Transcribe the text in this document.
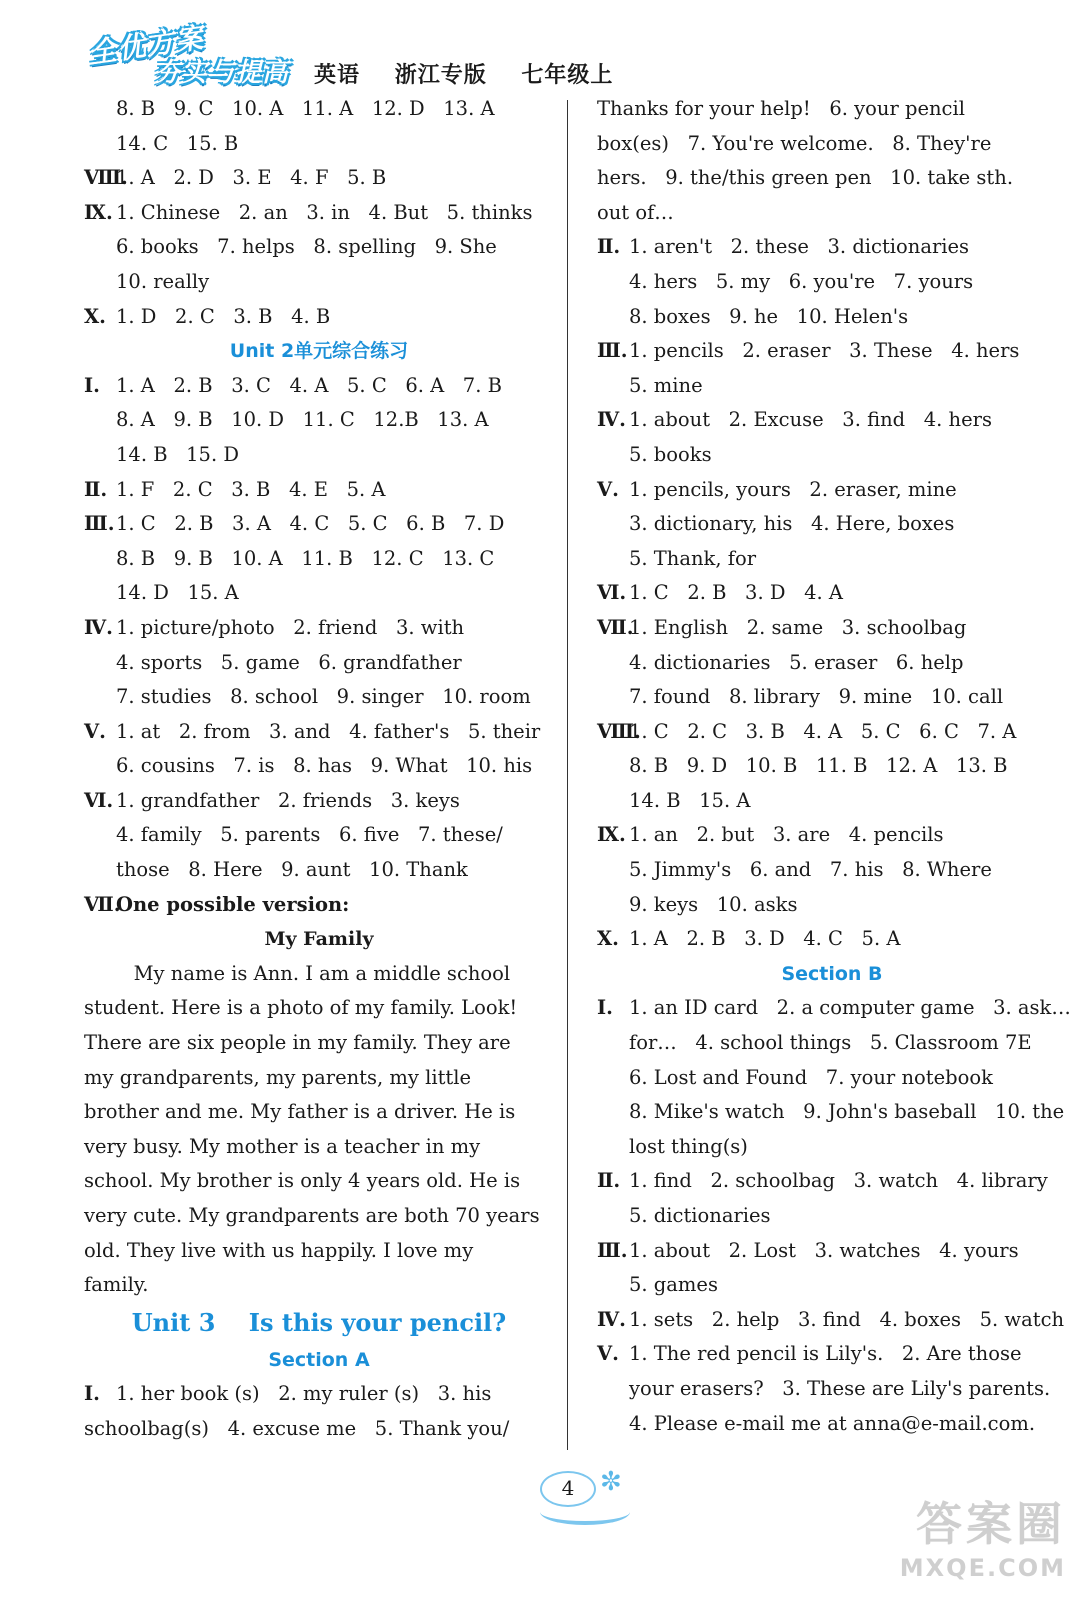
全优方案
夯实与提高 英语 浙江专版 七年级上
8. B   9. C   10. A   11. A   12. D   13. A
14. C   15. B
Ⅷ.1. A   2. D   3. E   4. F   5. B
Ⅸ. 1. Chinese   2. an   3. in   4. But   5. thinks
6. books   7. helps   8. spelling   9. She
10. really
Ⅹ. 1. D   2. C   3. B   4. B
Unit 2单元综合练习
Ⅰ. 1. A   2. B   3. C   4. A   5. C   6. A   7. B
8. A   9. B   10. D   11. C   12.B   13. A
14. B   15. D
Ⅱ. 1. F   2. C   3. B   4. E   5. A
Ⅲ.1. C   2. B   3. A   4. C   5. C   6. B   7. D
8. B   9. B   10. A   11. B   12. C   13. C
14. D   15. A
Ⅳ. 1. picture/photo   2. friend   3. with
4. sports   5. game   6. grandfather
7. studies   8. school   9. singer   10. room
Ⅴ. 1. at   2. from   3. and   4. father's   5. their
6. cousins   7. is   8. has   9. What   10. his
Ⅵ. 1. grandfather   2. friends   3. keys
4. family   5. parents   6. five   7. these/
those   8. Here   9. aunt   10. Thank
Ⅶ.One possible version:
My Family
My name is Ann. I am a middle school
student. Here is a photo of my family. Look!
There are six people in my family. They are
my grandparents, my parents, my little
brother and me. My father is a driver. He is
very busy. My mother is a teacher in my
school. My brother is only 4 years old. He is
very cute. My grandparents are both 70 years
old. They live with us happily. I love my
family.
Unit 3    Is this your pencil?
Section A
Ⅰ. 1. her book (s)   2. my ruler (s)   3. his
schoolbag(s)   4. excuse me   5. Thank you/
Thanks for your help!   6. your pencil
box(es)   7. You're welcome.   8. They're
hers.   9. the/this green pen   10. take sth.
out of…
Ⅱ. 1. aren't   2. these   3. dictionaries
4. hers   5. my   6. you're   7. yours
8. boxes   9. he   10. Helen's
Ⅲ.1. pencils   2. eraser   3. These   4. hers
5. mine
Ⅳ. 1. about   2. Excuse   3. find   4. hers
5. books
Ⅴ. 1. pencils, yours   2. eraser, mine
3. dictionary, his   4. Here, boxes
5. Thank, for
Ⅵ. 1. C   2. B   3. D   4. A
Ⅶ.1. English   2. same   3. schoolbag
4. dictionaries   5. eraser   6. help
7. found   8. library   9. mine   10. call
Ⅷ.1. C   2. C   3. B   4. A   5. C   6. C   7. A
8. B   9. D   10. B   11. B   12. A   13. B
14. B   15. A
Ⅸ. 1. an   2. but   3. are   4. pencils
5. Jimmy's   6. and   7. his   8. Where
9. keys   10. asks
Ⅹ. 1. A   2. B   3. D   4. C   5. A
Section B
Ⅰ. 1. an ID card   2. a computer game   3. ask…
for…   4. school things   5. Classroom 7E
6. Lost and Found   7. your notebook
8. Mike's watch   9. John's baseball   10. the
lost thing(s)
Ⅱ. 1. find   2. schoolbag   3. watch   4. library
5. dictionaries
Ⅲ.1. about   2. Lost   3. watches   4. yours
5. games
Ⅳ. 1. sets   2. help   3. find   4. boxes   5. watch
Ⅴ. 1. The red pencil is Lily's.   2. Are those
your erasers?   3. These are Lily's parents.
4. Please e-mail me at anna@e-mail.com.
4 ✼
答案圈
MXQE.COM
